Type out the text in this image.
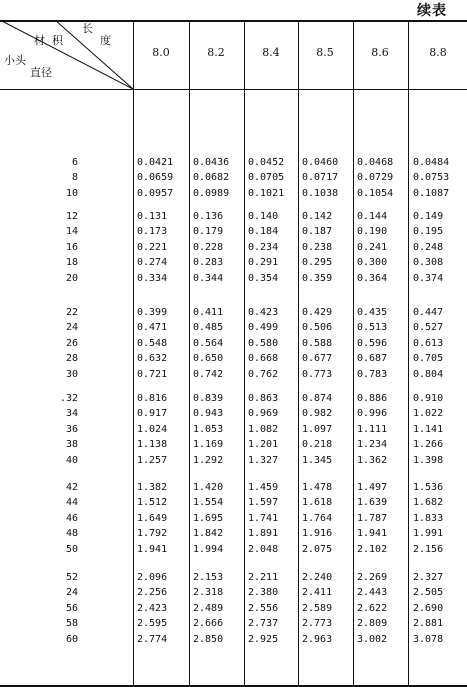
续表
长
度
材  积
小头
直径
8.0	8.2	8.4	8.5	8.6	8.8
6	0.0421	0.0436	0.0452	0.0460	0.0468	0.0484
8	0.0659	0.0682	0.0705	0.0717	0.0729	0.0753
10	0.0957	0.0989	0.1021	0.1038	0.1054	0.1087
12	0.131	0.136	0.140	0.142	0.144	0.149
14	0.173	0.179	0.184	0.187	0.190	0.195
16	0.221	0.228	0.234	0.238	0.241	0.248
18	0.274	0.283	0.291	0.295	0.300	0.308
20	0.334	0.344	0.354	0.359	0.364	0.374
22	0.399	0.411	0.423	0.429	0.435	0.447
24	0.471	0.485	0.499	0.506	0.513	0.527
26	0.548	0.564	0.580	0.588	0.596	0.613
28	0.632	0.650	0.668	0.677	0.687	0.705
30	0.721	0.742	0.762	0.773	0.783	0.804
.32	0.816	0.839	0.863	0.874	0.886	0.910
34	0.917	0.943	0.969	0.982	0.996	1.022
36	1.024	1.053	1.082	1.097	1.111	1.141
38	1.138	1.169	1.201	0.218	1.234	1.266
40	1.257	1.292	1.327	1.345	1.362	1.398
42	1.382	1.420	1.459	1.478	1.497	1.536
44	1.512	1.554	1.597	1.618	1.639	1.682
46	1.649	1.695	1.741	1.764	1.787	1.833
48	1.792	1.842	1.891	1.916	1.941	1.991
50	1.941	1.994	2.048	2.075	2.102	2.156
52	2.096	2.153	2.211	2.240	2.269	2.327
24	2.256	2.318	2.380	2.411	2.443	2.505
56	2.423	2.489	2.556	2.589	2.622	2.690
58	2.595	2.666	2.737	2.773	2.809	2.881
60	2.774	2.850	2.925	2.963	3.002	3.078
